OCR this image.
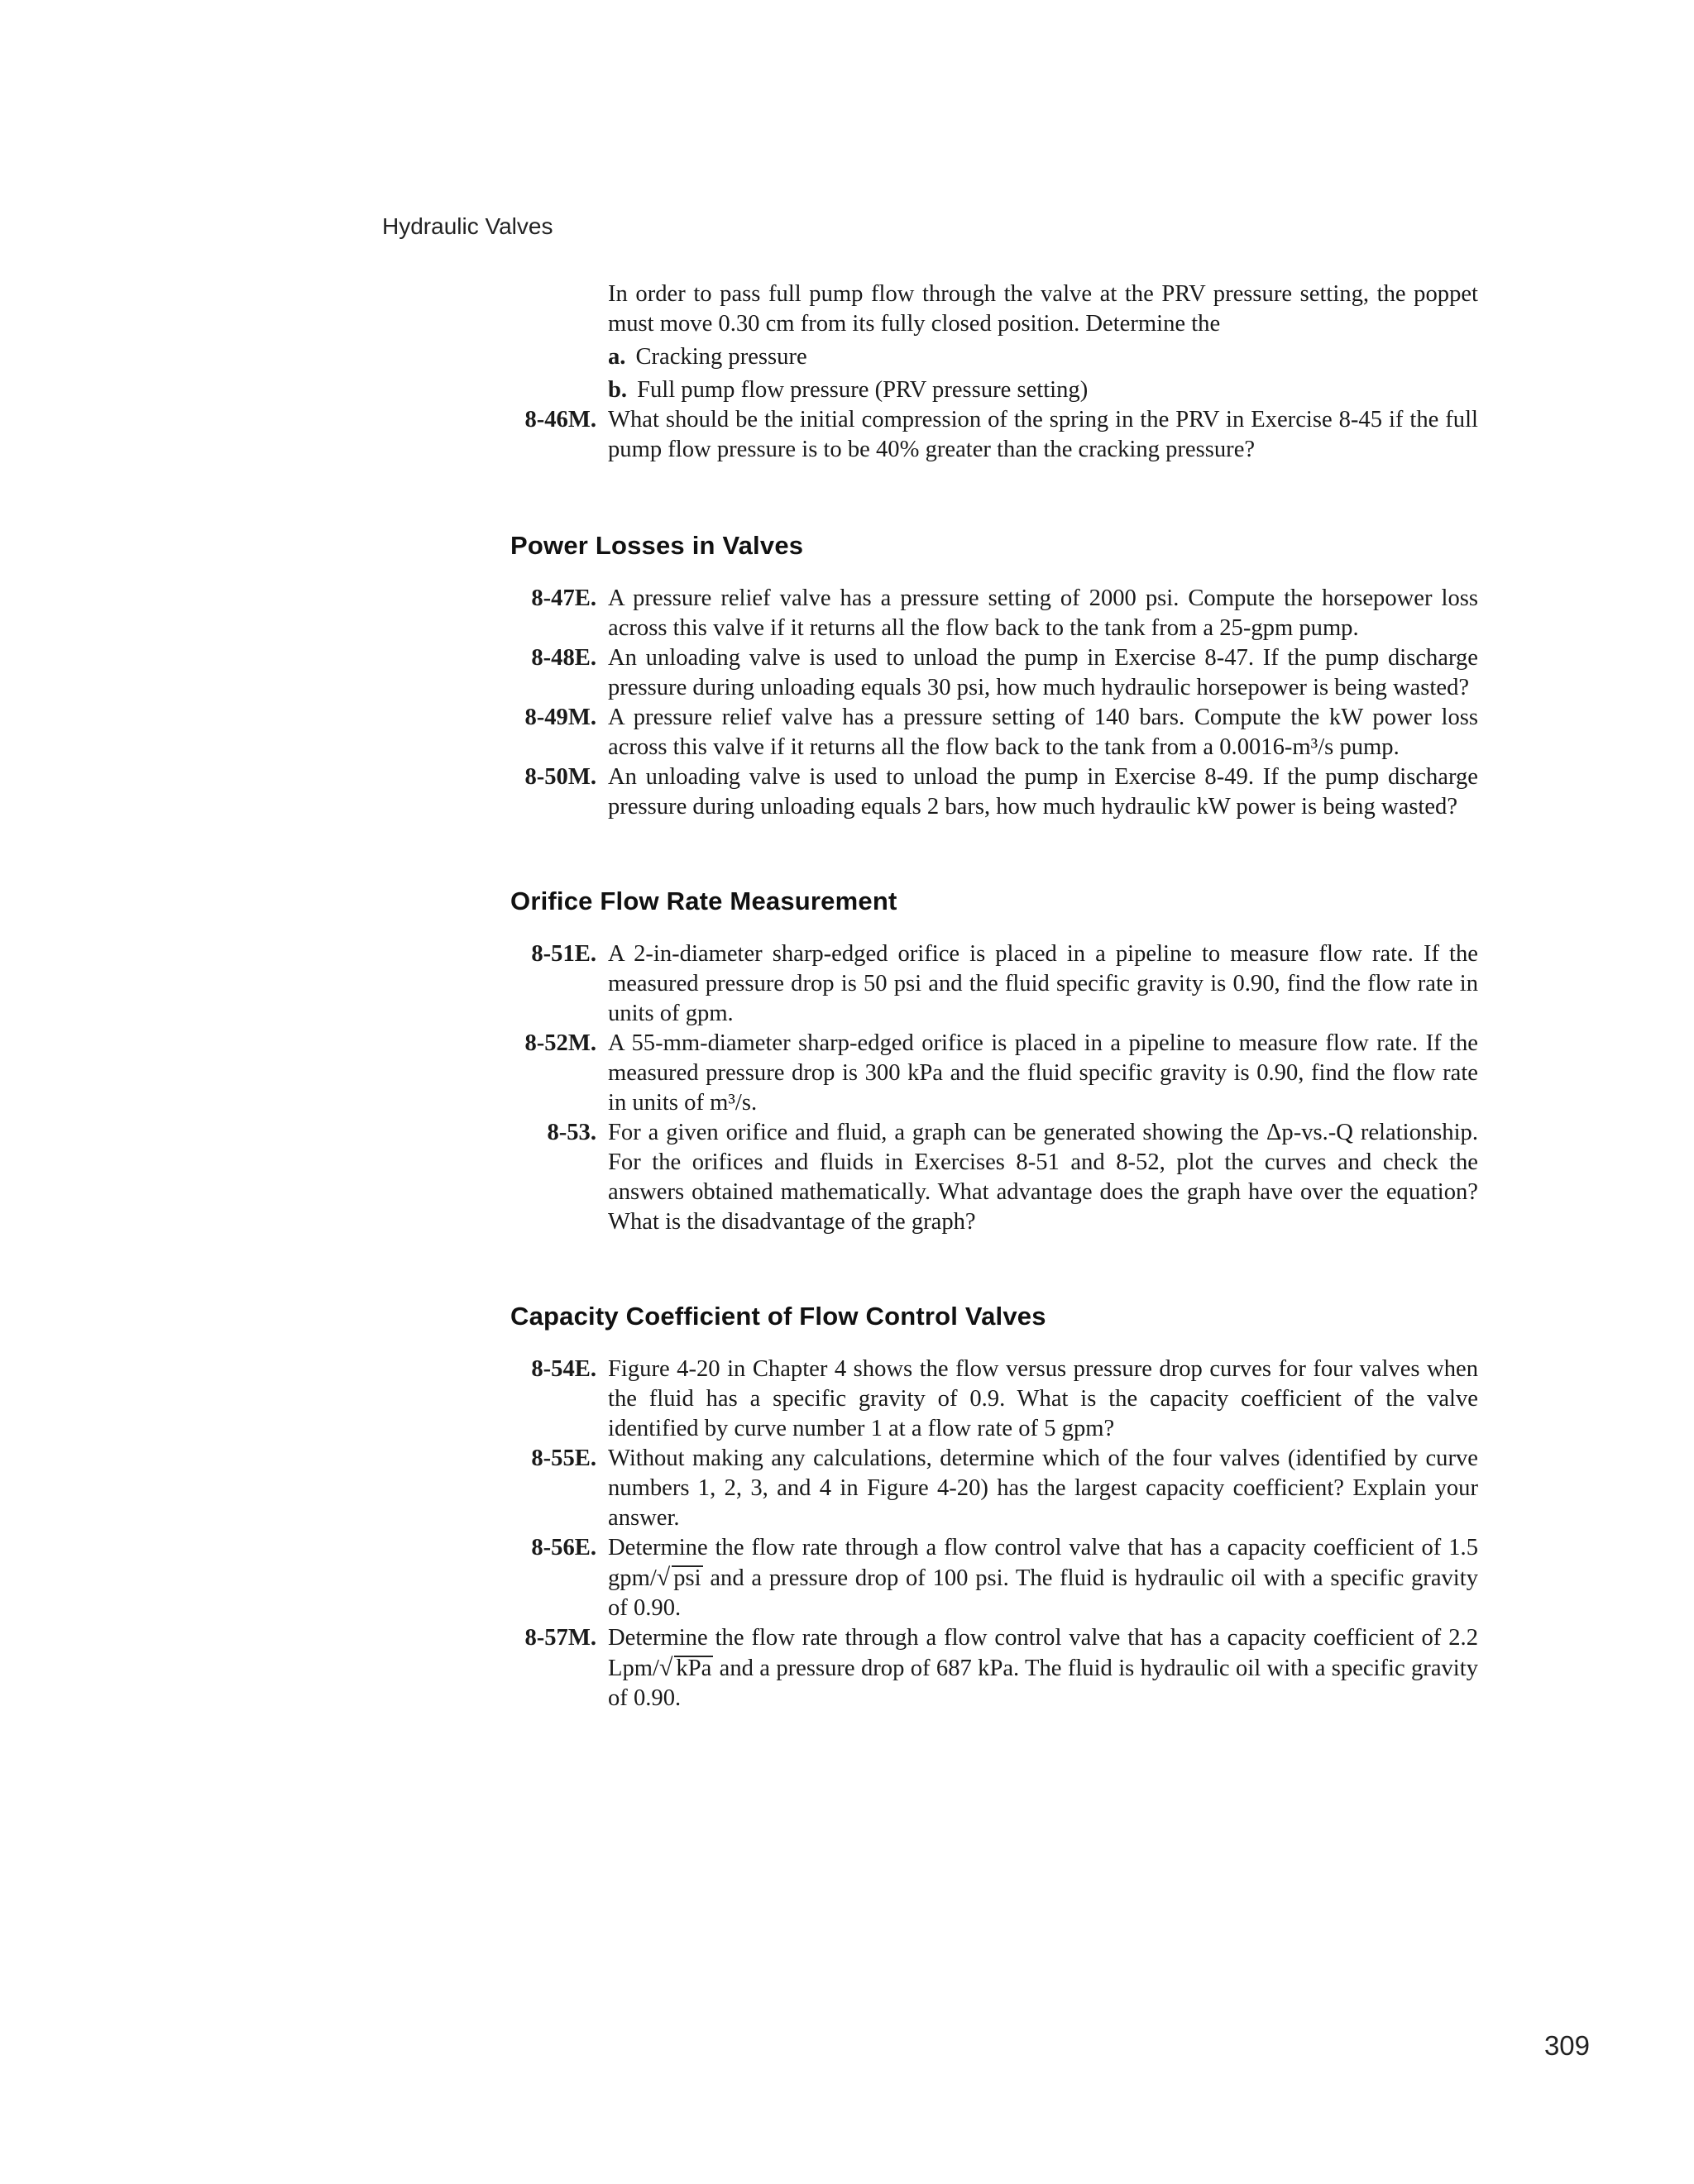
Hydraulic Valves

In order to pass full pump flow through the valve at the PRV pressure setting, the poppet must move 0.30 cm from its fully closed position. Determine the

a. Cracking pressure
b. Full pump flow pressure (PRV pressure setting)
8-46M. What should be the initial compression of the spring in the PRV in Exercise 8-45 if the full pump flow pressure is to be 40% greater than the cracking pressure?
Power Losses in Valves
8-47E. A pressure relief valve has a pressure setting of 2000 psi. Compute the horsepower loss across this valve if it returns all the flow back to the tank from a 25-gpm pump.
8-48E. An unloading valve is used to unload the pump in Exercise 8-47. If the pump discharge pressure during unloading equals 30 psi, how much hydraulic horsepower is being wasted?
8-49M. A pressure relief valve has a pressure setting of 140 bars. Compute the kW power loss across this valve if it returns all the flow back to the tank from a 0.0016-m³/s pump.
8-50M. An unloading valve is used to unload the pump in Exercise 8-49. If the pump discharge pressure during unloading equals 2 bars, how much hydraulic kW power is being wasted?
Orifice Flow Rate Measurement
8-51E. A 2-in-diameter sharp-edged orifice is placed in a pipeline to measure flow rate. If the measured pressure drop is 50 psi and the fluid specific gravity is 0.90, find the flow rate in units of gpm.
8-52M. A 55-mm-diameter sharp-edged orifice is placed in a pipeline to measure flow rate. If the measured pressure drop is 300 kPa and the fluid specific gravity is 0.90, find the flow rate in units of m³/s.
8-53. For a given orifice and fluid, a graph can be generated showing the Δp-vs.-Q relationship. For the orifices and fluids in Exercises 8-51 and 8-52, plot the curves and check the answers obtained mathematically. What advantage does the graph have over the equation? What is the disadvantage of the graph?
Capacity Coefficient of Flow Control Valves
8-54E. Figure 4-20 in Chapter 4 shows the flow versus pressure drop curves for four valves when the fluid has a specific gravity of 0.9. What is the capacity coefficient of the valve identified by curve number 1 at a flow rate of 5 gpm?
8-55E. Without making any calculations, determine which of the four valves (identified by curve numbers 1, 2, 3, and 4 in Figure 4-20) has the largest capacity coefficient? Explain your answer.
8-56E. Determine the flow rate through a flow control valve that has a capacity coefficient of 1.5 gpm/√ psi and a pressure drop of 100 psi. The fluid is hydraulic oil with a specific gravity of 0.90.
8-57M. Determine the flow rate through a flow control valve that has a capacity coefficient of 2.2 Lpm/√ kPa and a pressure drop of 687 kPa. The fluid is hydraulic oil with a specific gravity of 0.90.
309
